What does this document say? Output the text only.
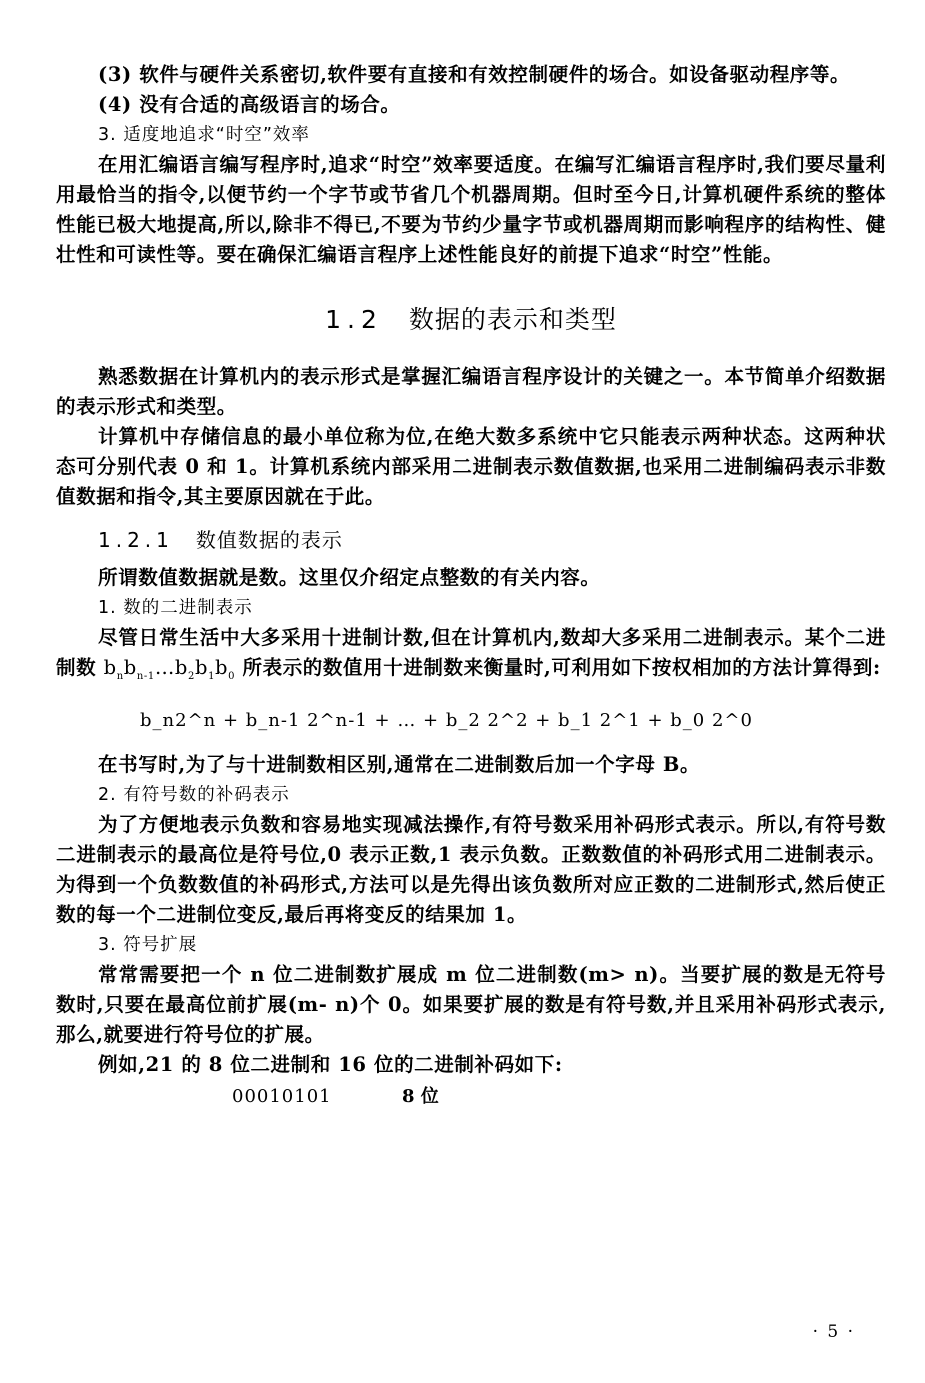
(3) 软件与硬件关系密切,软件要有直接和有效控制硬件的场合。如设备驱动程序等。

(4) 没有合适的高级语言的场合。

3. 适度地追求“时空”效率

在用汇编语言编写程序时,追求“时空”效率要适度。在编写汇编语言程序时,我们要尽量利用最恰当的指令,以便节约一个字节或节省几个机器周期。但时至今日,计算机硬件系统的整体性能已极大地提高,所以,除非不得已,不要为节约少量字节或机器周期而影响程序的结构性、健壮性和可读性等。要在确保汇编语言程序上述性能良好的前提下追求“时空”性能。

1.2 数据的表示和类型

熟悉数据在计算机内的表示形式是掌握汇编语言程序设计的关键之一。本节简单介绍数据的表示形式和类型。

计算机中存储信息的最小单位称为位,在绝大数多系统中它只能表示两种状态。这两种状态可分别代表 0 和 1。计算机系统内部采用二进制表示数值数据,也采用二进制编码表示非数值数据和指令,其主要原因就在于此。

1.2.1 数值数据的表示

所谓数值数据就是数。这里仅介绍定点整数的有关内容。

1. 数的二进制表示

尽管日常生活中大多采用十进制计数,但在计算机内,数却大多采用二进制表示。某个二进制数 $b_nb_{n-1}\dots b_2b_1b_0$ 所表示的数值用十进制数来衡量时,可利用如下按权相加的方法计算得到:

b_n2^n + b_n-1 2^n-1 + … + b_2 2^2 + b_1 2^1 + b_0 2^0

在书写时,为了与十进制数相区别,通常在二进制数后加一个字母 B。

2. 有符号数的补码表示

为了方便地表示负数和容易地实现减法操作,有符号数采用补码形式表示。所以,有符号数二进制表示的最高位是符号位,0 表示正数,1 表示负数。正数数值的补码形式用二进制表示。为得到一个负数数值的补码形式,方法可以是先得出该负数所对应正数的二进制形式,然后使正数的每一个二进制位变反,最后再将变反的结果加 1。

3. 符号扩展

常常需要把一个 n 位二进制数扩展成 m 位二进制数(m> n)。当要扩展的数是无符号数时,只要在最高位前扩展(m- n)个 0。如果要扩展的数是有符号数,并且采用补码形式表示,那么,就要进行符号位的扩展。

例如,21 的 8 位二进制和 16 位的二进制补码如下:

00010101	8 位
· 5 ·
